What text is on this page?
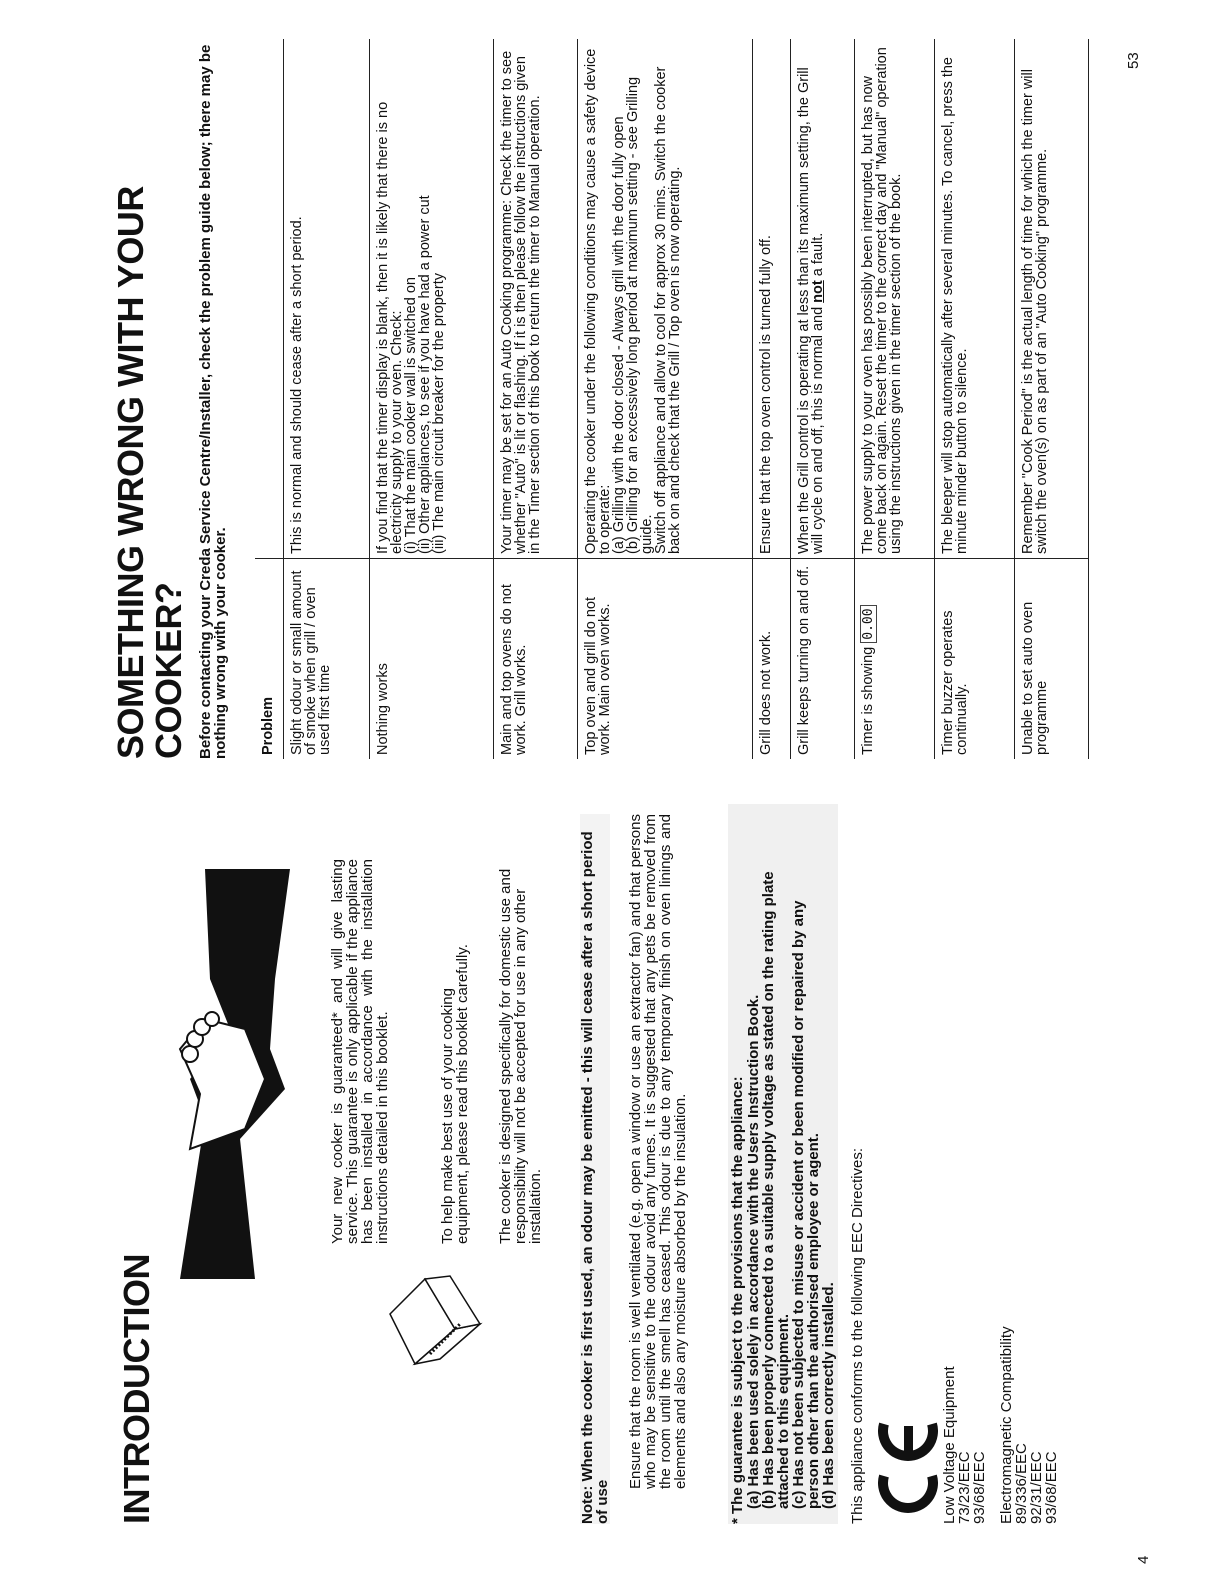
INTRODUCTION
Your new cooker is guaranteed* and will give lasting service. This guarantee is only applicable if the appliance has been installed in accordance with the installation instructions detailed in this booklet.	To help make best use of your cooking equipment, please read this booklet carefully. The cooker is designed specifically for domestic use and responsibility will not be accepted for use in any other installation. Note: When the cooker is first used, an odour may be emitted - this will cease after a short period of use
Ensure that the room is well ventilated (e.g. open a window or use an extractor fan) and that persons who may be sensitive to the odour avoid any fumes. It is suggested that any pets be removed from the room until the smell has ceased. This odour is due to any temporary finish on oven linings and elements and also any moisture absorbed by the insulation.	* The guarantee is subject to the provisions that the appliance: (a) Has been used solely in accordance with the Users Instruction Book.
(b) Has been properly connected to a suitable supply voltage as stated on the rating plate attached to this equipment.
(c) Has not been subjected to misuse or accident or been modified or repaired by any person other than the authorised employee or agent.
(d) Has been correctly installed. This appliance conforms to the following EEC Directives:	Low Voltage Equipment
73/23/EEC
93/68/EEC Electromagnetic Compatibility
89/336/EEC
92/31/EEC
93/68/EEC
4
SOMETHING WRONG WITH YOUR
COOKER? Before contacting your Creda Service Centre/Installer, check the problem guide below; there may be nothing wrong with your cooker. Problem	
Slight odour or small amount of smoke when grill / oven used first time	This is normal and should cease after a short period.
Nothing works	If you find that the timer display is blank, then it is likely that there is no electricity supply to your oven. Check:
(i) That the main cooker wall is switched on
(ii) Other appliances, to see if you have had a power cut
(iii) The main circuit breaker for the property
Main and top ovens do not work. Grill works.	Your timer may be set for an Auto Cooking programme: Check the timer to see whether "Auto" is lit or flashing. If it is then please follow the instructions given in the Timer section of this book to return the timer to Manual operation.
Top oven and grill do not work. Main oven works.	Operating the cooker under the following conditions may cause a safety device to operate:
(a) Grilling with the door closed - Always grill with the door fully open
(b) Grilling for an excessively long period at maximum setting - see Grilling guide.
Switch off appliance and allow to cool for approx 30 mins. Switch the cooker back on and check that the Grill / Top oven is now operating.
Grill does not work.	Ensure that the top oven control is turned fully off.
Grill keeps turning on and off.	When the Grill control is operating at less than its maximum setting, the Grill will cycle on and off, this is normal and not a fault.
Timer is showing 0.00	The power supply to your oven has possibly been interrupted, but has now come back on again. Reset the timer to the correct day and "Manual" operation using the instructions given in the timer section of the book.
Timer buzzer operates continually.	The bleeper will stop automatically after several minutes. To cancel, press the minute minder button to silence.
Unable to set auto oven programme	Remember "Cook Period" is the actual length of time for which the timer will switch the oven(s) on as part of an "Auto Cooking" programme.
53
